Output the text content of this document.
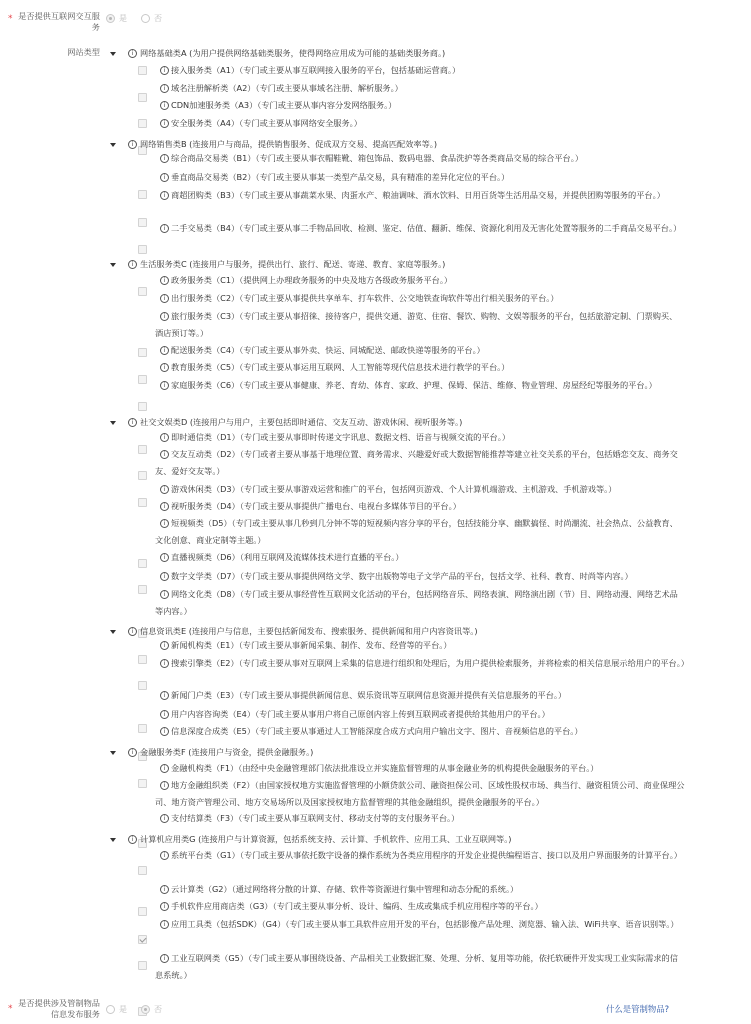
* 是否提供互联网交互服务
是	否
网站类型	i 网络基础类A (为用户提供网络基础类服务，使得网络应用成为可能的基础类服务商。)
i 接入服务类（A1）（专门或主要从事互联网接入服务的平台，包括基础运营商。）
i 域名注册解析类（A2）（专门或主要从事域名注册、解析服务。）
i CDN加速服务类（A3）（专门或主要从事内容分发网络服务。）
i 安全服务类（A4）（专门或主要从事网络安全服务。）
i 网络销售类B (连接用户与商品，提供销售服务、促成双方交易、提高匹配效率等。)
i 综合商品交易类（B1）（专门或主要从事衣帽鞋靴、箱包饰品、数码电器、食品洗护等各类商品交易的综合平台。）
i 垂直商品交易类（B2）（专门或主要从事某一类型产品交易，具有精准的差异化定位的平台。）
i 商超团购类（B3）（专门或主要从事蔬菜水果、肉蛋水产、粮油调味、酒水饮料、日用百货等生活用品交易，并提供团购等服务的平台。）
i 二手交易类（B4）（专门或主要从事二手物品回收、检测、鉴定、估值、翻新、维保、资源化利用及无害化处置等服务的二手商品交易平台。）
i 生活服务类C (连接用户与服务，提供出行、旅行、配送、寄递、教育、家庭等服务。)
i 政务服务类（C1）（提供网上办理政务服务的中央及地方各级政务服务平台。）
i 出行服务类（C2）（专门或主要从事提供共享单车、打车软件、公交地铁查询软件等出行相关服务的平台。）
i 旅行服务类（C3）（专门或主要从事招徕、接待客户，提供交通、游览、住宿、餐饮、购物、文娱等服务的平台，包括旅游定制、门票购买、酒店预订等。）
i 配送服务类（C4）（专门或主要从事外卖、快运、同城配送、邮政快递等服务的平台。）
i 教育服务类（C5）（专门或主要从事运用互联网、人工智能等现代信息技术进行教学的平台。）
i 家庭服务类（C6）（专门或主要从事健康、养老、育幼、体育、家政、护理、保姆、保洁、维修、物业管理、房屋经纪等服务的平台。）
i 社交文娱类D (连接用户与用户，主要包括即时通信、交友互动、游戏休闲、视听服务等。)
i 即时通信类（D1）（专门或主要从事即时传递文字讯息、数据文档、语音与视频交流的平台。）
i 交友互动类（D2）（专门或者主要从事基于地理位置、商务需求、兴趣爱好或大数据智能推荐等建立社交关系的平台，包括婚恋交友、商务交友、爱好交友等。）
i 游戏休闲类（D3）（专门或主要从事游戏运营和推广的平台，包括网页游戏、个人计算机端游戏、主机游戏、手机游戏等。）
i 视听服务类（D4）（专门或主要从事提供广播电台、电视台多媒体节目的平台。）
i 短视频类（D5）（专门或主要从事几秒到几分钟不等的短视频内容分享的平台，包括技能分享、幽默搞怪、时尚潮流、社会热点、公益教育、文化创意、商业定制等主题。）
i 直播视频类（D6）（利用互联网及流媒体技术进行直播的平台。）
i 数字文学类（D7）（专门或主要从事提供网络文学、数字出版物等电子文学产品的平台，包括文学、社科、教育、时尚等内容。）
i 网络文化类（D8）（专门或主要从事经营性互联网文化活动的平台，包括网络音乐、网络表演、网络演出剧（节）目、网络动漫、网络艺术品等内容。）
i 信息资讯类E (连接用户与信息，主要包括新闻发布、搜索服务、提供新闻和用户内容资讯等。)
i 新闻机构类（E1）（专门或主要从事新闻采集、制作、发布、经营等的平台。）
i 搜索引擎类（E2）（专门或主要从事对互联网上采集的信息进行组织和处理后，为用户提供检索服务，并将检索的相关信息展示给用户的平台。）
i 新闻门户类（E3）（专门或主要从事提供新闻信息、娱乐资讯等互联网信息资源并提供有关信息服务的平台。）
i 用户内容咨询类（E4）（专门或主要从事用户将自己原创内容上传到互联网或者提供给其他用户的平台。）
i 信息深度合成类（E5）（专门或主要从事通过人工智能深度合成方式向用户输出文字、图片、音视频信息的平台。）
i 金融服务类F (连接用户与资金，提供金融服务。)
i 金融机构类（F1）（由经中央金融管理部门依法批准设立并实施监督管理的从事金融业务的机构提供金融服务的平台。）
i 地方金融组织类（F2）（由国家授权地方实施监督管理的小额贷款公司、融资担保公司、区域性股权市场、典当行、融资租赁公司、商业保理公司、地方资产管理公司、地方交易场所以及国家授权地方监督管理的其他金融组织，提供金融服务的平台。）
i 支付结算类（F3）（专门或主要从事互联网支付、移动支付等的支付服务平台。）
i 计算机应用类G (连接用户与计算资源，包括系统支持、云计算、手机软件、应用工具、工业互联网等。)
i 系统平台类（G1）（专门或主要从事依托数字设备的操作系统为各类应用程序的开发企业提供编程语言、接口以及用户界面服务的计算平台。）
i 云计算类（G2）（通过网络将分散的计算、存储、软件等资源进行集中管理和动态分配的系统。）
i 手机软件应用商店类（G3）（专门或主要从事分析、设计、编码、生成或集成手机应用程序等的平台。）
i 应用工具类（包括SDK）（G4）（专门或主要从事工具软件应用开发的平台，包括影像产品处理、浏览器、输入法、WiFi共享、语音识别等。）
i 工业互联网类（G5）（专门或主要从事围绕设备、产品相关工业数据汇聚、处理、分析、复用等功能，依托软硬件开发实现工业实际需求的信息系统。）
*
是否提供涉及管制物品信息发布服务 是	否	什么是管制物品?
